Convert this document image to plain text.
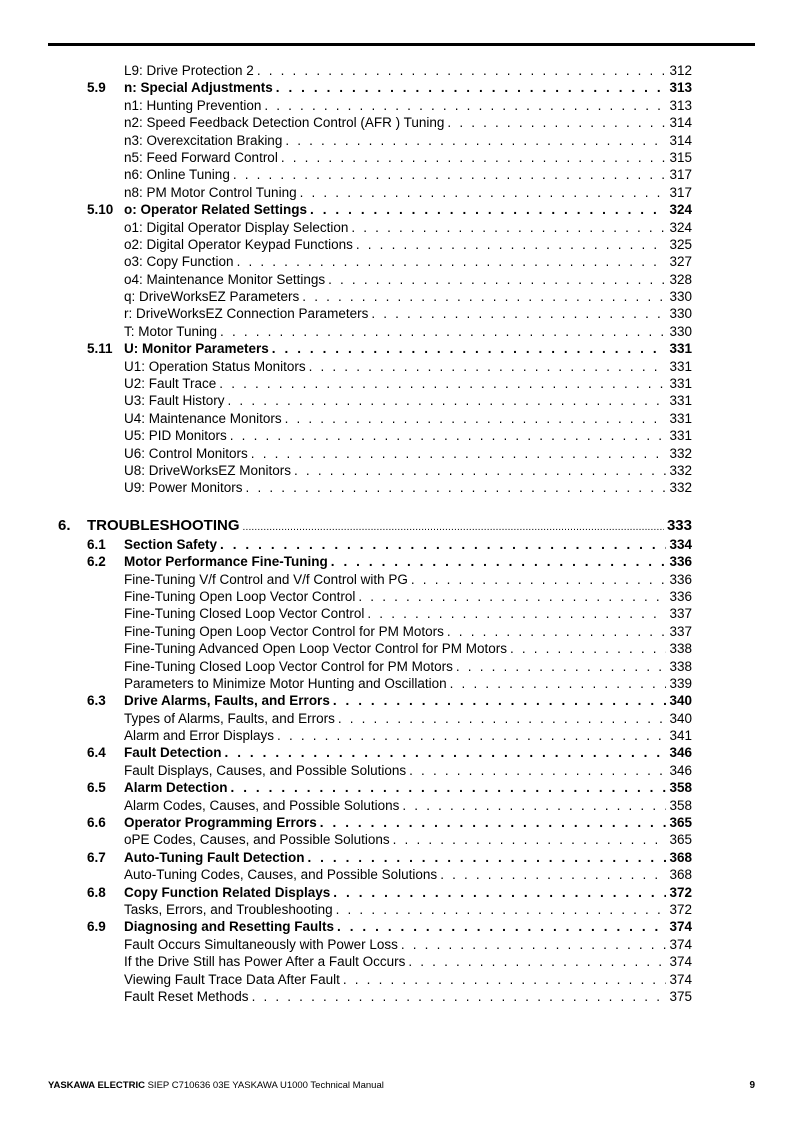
L9: Drive Protection 2 . . .	312
5.9 n: Special Adjustments . . .	313
n1: Hunting Prevention . . .	313
n2: Speed Feedback Detection Control (AFR ) Tuning . . .	314
n3: Overexcitation Braking . . .	314
n5: Feed Forward Control . . .	315
n6: Online Tuning . . .	317
n8: PM Motor Control Tuning . . .	317
5.10 o: Operator Related Settings . . .	324
o1: Digital Operator Display Selection . . .	324
o2: Digital Operator Keypad Functions . . .	325
o3: Copy Function . . .	327
o4: Maintenance Monitor Settings . . .	328
q: DriveWorksEZ Parameters . . .	330
r: DriveWorksEZ Connection Parameters . . .	330
T: Motor Tuning . . .	330
5.11 U: Monitor Parameters . . .	331
U1: Operation Status Monitors . . .	331
U2: Fault Trace . . .	331
U3: Fault History . . .	331
U4: Maintenance Monitors . . .	331
U5: PID Monitors . . .	331
U6: Control Monitors . . .	332
U8: DriveWorksEZ Monitors . . .	332
U9: Power Monitors . . .	332
6. TROUBLESHOOTING .....	333
6.1 Section Safety . . .	334
6.2 Motor Performance Fine-Tuning . . .	336
Fine-Tuning V/f Control and V/f Control with PG . . .	336
Fine-Tuning Open Loop Vector Control . . .	336
Fine-Tuning Closed Loop Vector Control . . .	337
Fine-Tuning Open Loop Vector Control for PM Motors . . .	337
Fine-Tuning Advanced Open Loop Vector Control for PM Motors . . .	338
Fine-Tuning Closed Loop Vector Control for PM Motors . . .	338
Parameters to Minimize Motor Hunting and Oscillation . . .	339
6.3 Drive Alarms, Faults, and Errors . . .	340
Types of Alarms, Faults, and Errors . . .	340
Alarm and Error Displays . . .	341
6.4 Fault Detection . . .	346
Fault Displays, Causes, and Possible Solutions . . .	346
6.5 Alarm Detection . . .	358
Alarm Codes, Causes, and Possible Solutions . . .	358
6.6 Operator Programming Errors . . .	365
oPE Codes, Causes, and Possible Solutions . . .	365
6.7 Auto-Tuning Fault Detection . . .	368
Auto-Tuning Codes, Causes, and Possible Solutions . . .	368
6.8 Copy Function Related Displays . . .	372
Tasks, Errors, and Troubleshooting . . .	372
6.9 Diagnosing and Resetting Faults . . .	374
Fault Occurs Simultaneously with Power Loss . . .	374
If the Drive Still has Power After a Fault Occurs . . .	374
Viewing Fault Trace Data After Fault . . .	374
Fault Reset Methods . . .	375
YASKAWA ELECTRIC SIEP C710636 03E YASKAWA U1000 Technical Manual	9
